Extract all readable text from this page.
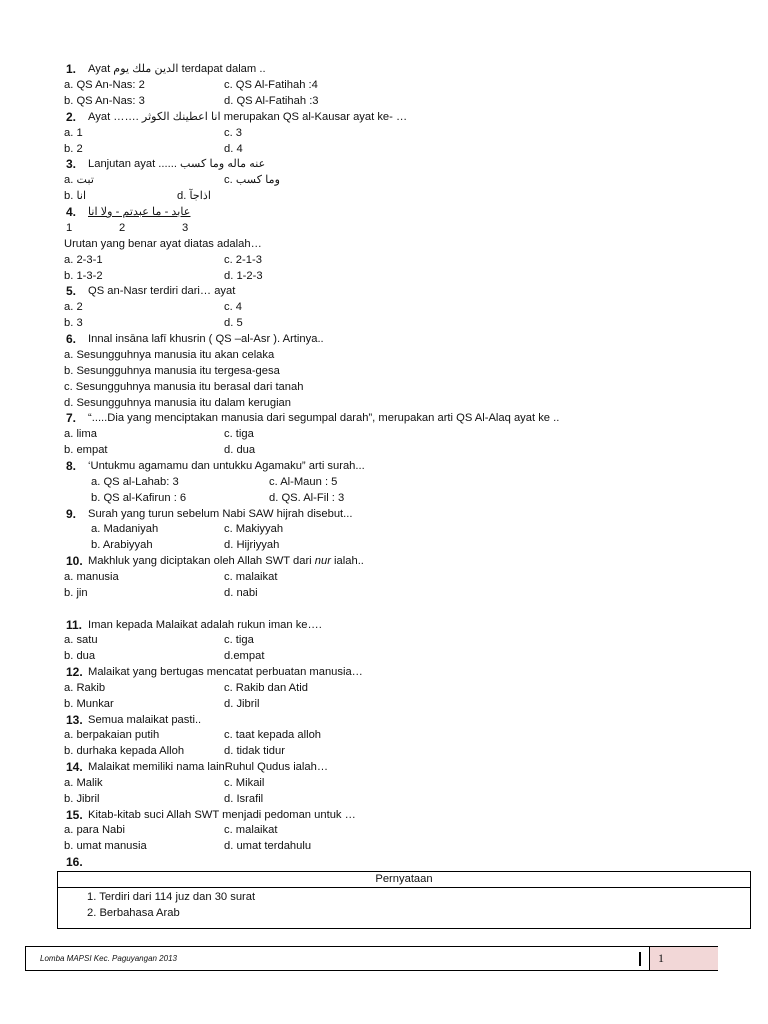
1. Ayat الدين ملك يوم terdapat dalam ..
a. QS An-Nas: 2	c. QS Al-Fatihah :4
b. QS An-Nas: 3	d. QS Al-Fatihah :3
2. Ayat ……. انا اعطينك الكوثر merupakan QS al-Kausar ayat ke- …
a. 1	c. 3
b. 2	d. 4
3. Lanjutan ayat ...... عنه ماله وما كسب
a. تبت	c. وما كسب
b. انا	d. اذاجآ
4. عابد - ما عبدتم - ولا انا
1	2	3
Urutan yang benar ayat diatas adalah…
a. 2-3-1	c. 2-1-3
b. 1-3-2	d. 1-2-3
5. QS an-Nasr terdiri dari… ayat
a. 2	c. 4
b. 3	d. 5
6. Innal insāna lafī khusrin ( QS –al-Asr ). Artinya..
a. Sesungguhnya manusia itu akan celaka
b. Sesungguhnya manusia itu tergesa-gesa
c. Sesungguhnya manusia itu berasal dari tanah
d. Sesungguhnya manusia itu dalam kerugian
7. “.....Dia yang menciptakan manusia dari segumpal darah”, merupakan arti QS Al-Alaq ayat ke ..
a. lima	c. tiga
b. empat	d. dua
8. ‘Untukmu agamamu dan untukku Agamaku” arti surah...
a. QS al-Lahab: 3	c. Al-Maun : 5
b. QS al-Kafirun : 6	d. QS. Al-Fil : 3
9. Surah yang turun sebelum Nabi SAW hijrah disebut...
a. Madaniyah	c. Makiyyah
b. Arabiyyah	d. Hijriyyah
10. Makhluk yang diciptakan oleh Allah SWT dari nur ialah..
a. manusia	c. malaikat
b. jin	d. nabi
11. Iman kepada Malaikat adalah rukun iman ke….
a. satu	c. tiga
b. dua	d.empat
12. Malaikat yang bertugas mencatat perbuatan manusia…
a. Rakib	c. Rakib dan Atid
b. Munkar	d. Jibril
13. Semua malaikat pasti..
a. berpakaian putih	c. taat kepada alloh
b. durhaka kepada Alloh	d. tidak tidur
14. Malaikat memiliki nama lainRuhul Qudus ialah…
a. Malik	c. Mikail
b. Jibril	d. Israfil
15. Kitab-kitab suci Allah SWT menjadi pedoman untuk …
a. para Nabi	c. malaikat
b. umat manusia	d. umat terdahulu
16.
Pernyataan
1. Terdiri dari 114 juz dan 30 surat
2. Berbahasa Arab
Lomba MAPSI Kec. Paguyangan 2013	1
